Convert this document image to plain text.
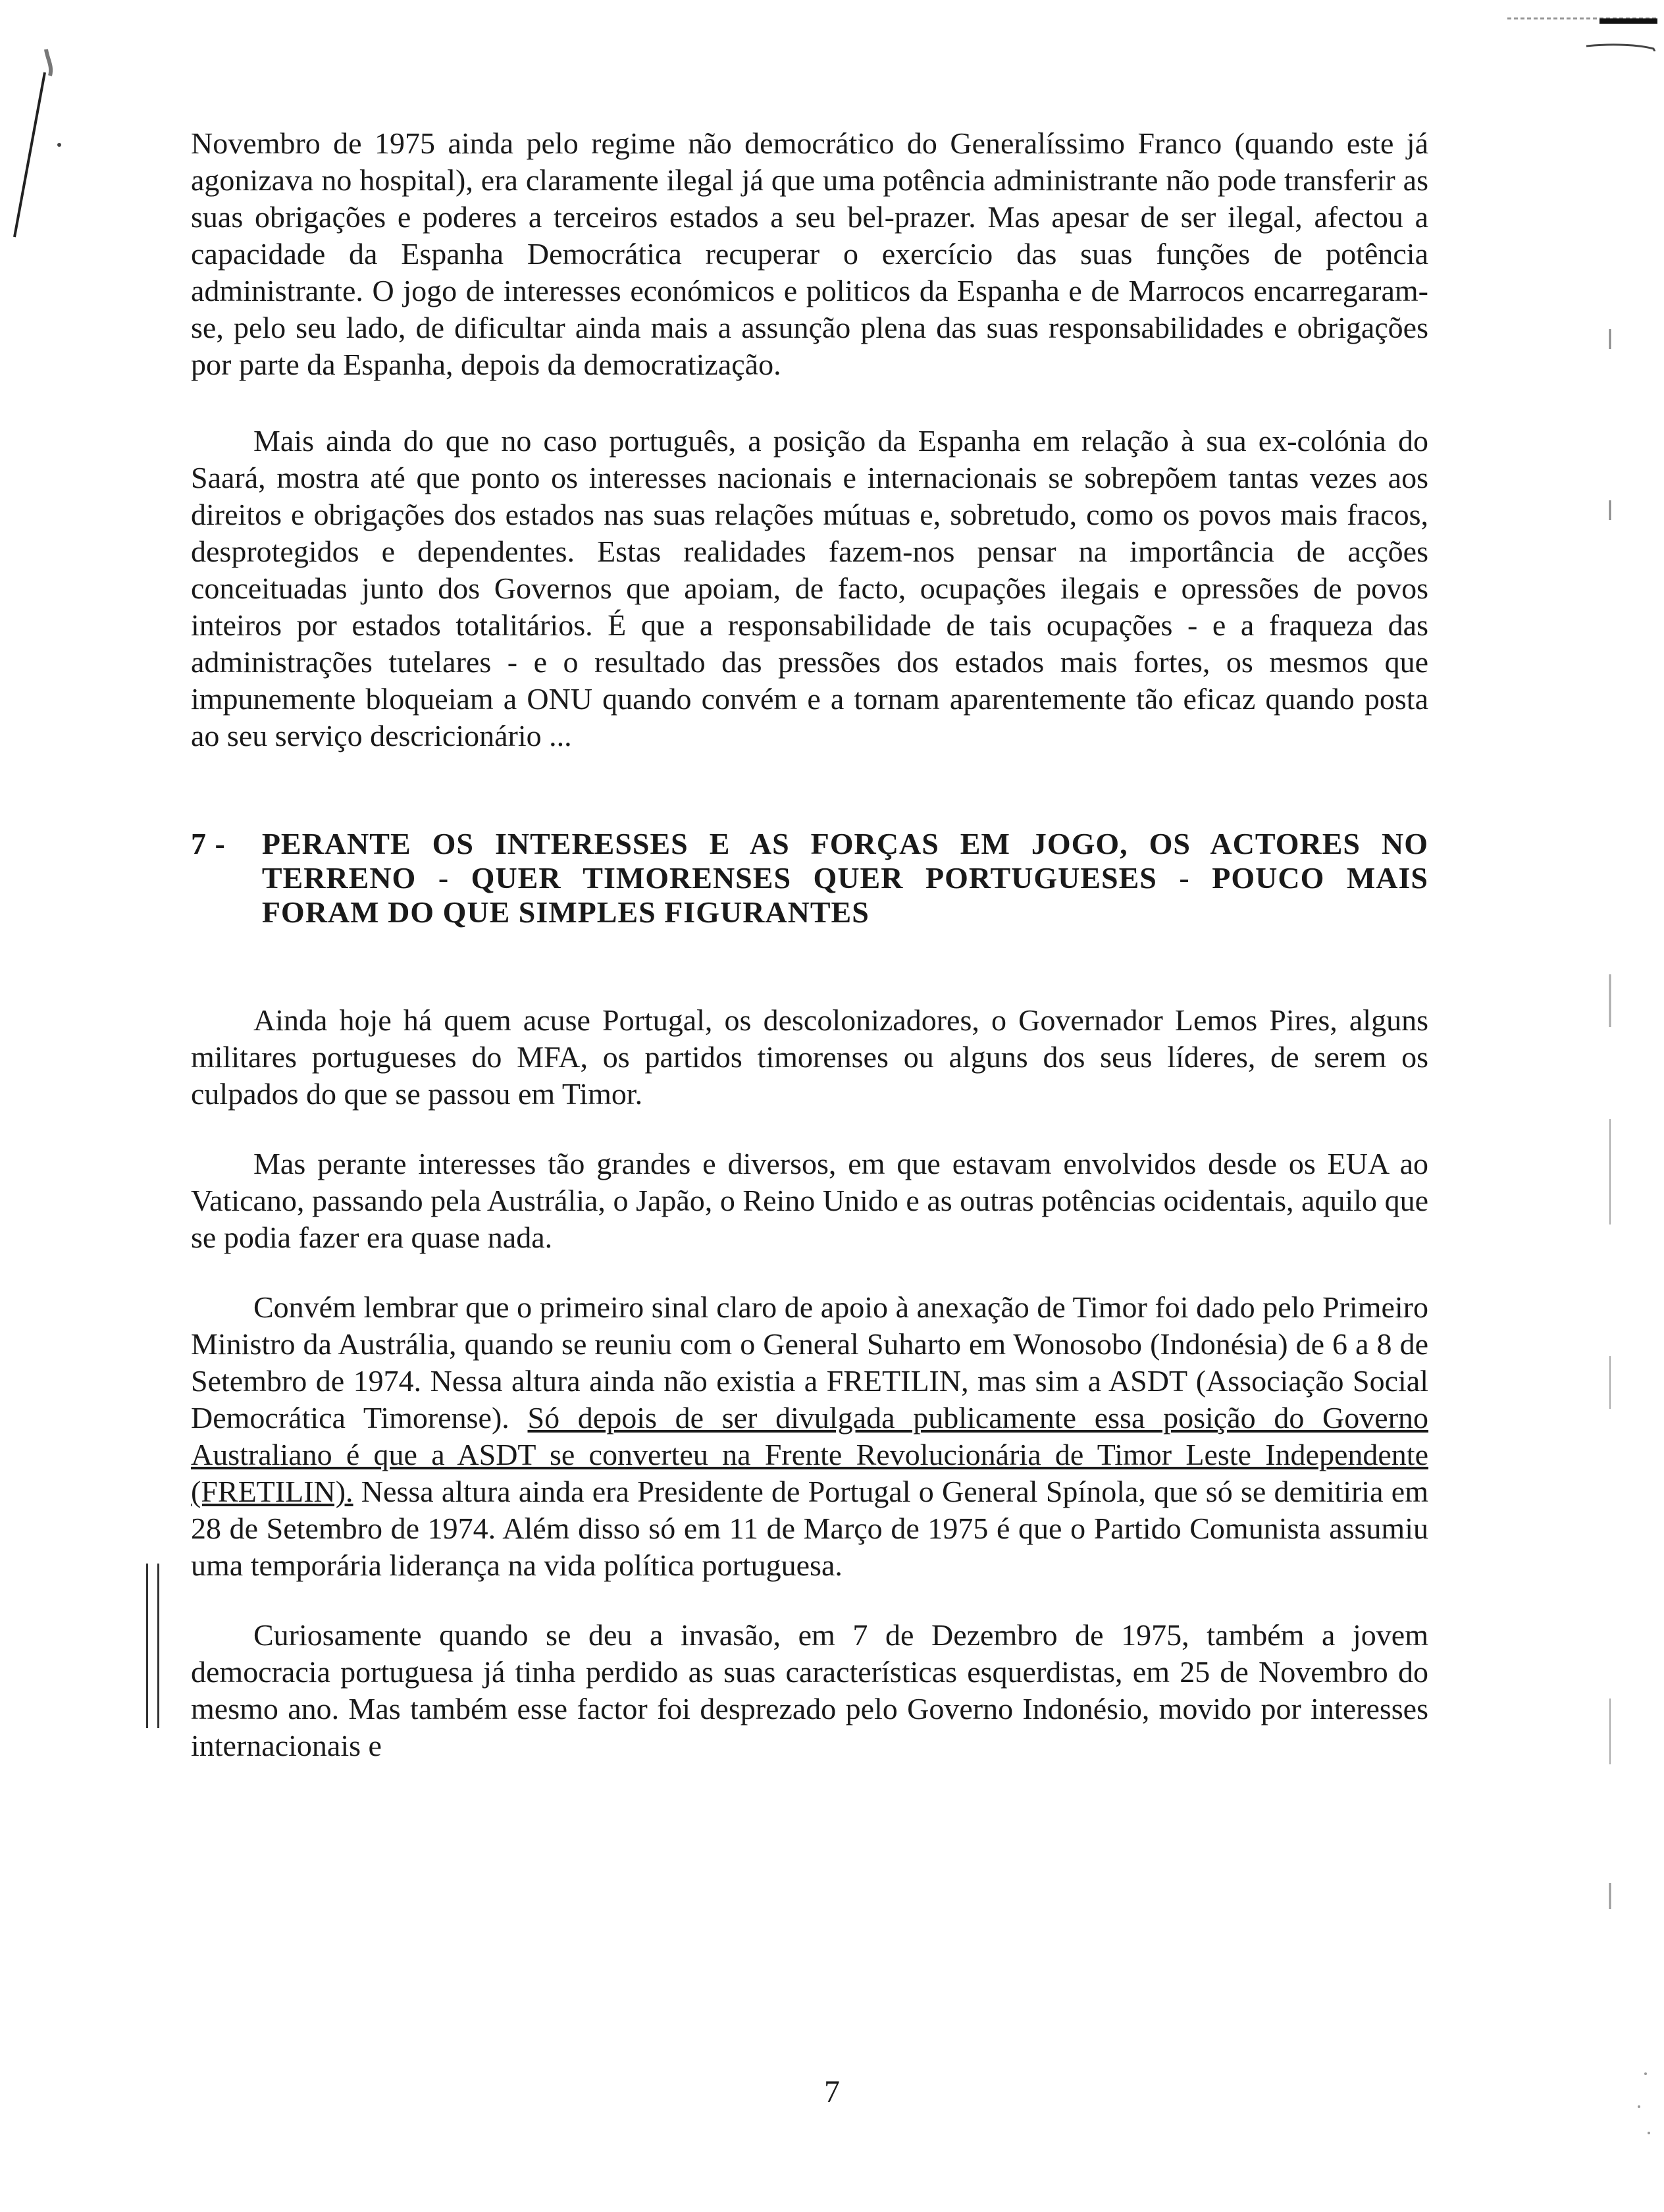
Novembro de 1975 ainda pelo regime não democrático do Generalíssimo Franco (quando este já agonizava no hospital), era claramente ilegal já que uma potência administrante não pode transferir as suas obrigações e poderes a terceiros estados a seu bel-prazer. Mas apesar de ser ilegal, afectou a capacidade da Espanha Democrática recuperar o exercício das suas funções de potência administrante. O jogo de interesses económicos e politicos da Espanha e de Marrocos encarregaram-se, pelo seu lado, de dificultar ainda mais a assunção plena das suas responsabilidades e obrigações por parte da Espanha, depois da democratização.

Mais ainda do que no caso português, a posição da Espanha em relação à sua ex-colónia do Saará, mostra até que ponto os interesses nacionais e internacionais se sobrepõem tantas vezes aos direitos e obrigações dos estados nas suas relações mútuas e, sobretudo, como os povos mais fracos, desprotegidos e dependentes. Estas realidades fazem-nos pensar na importância de acções conceituadas junto dos Governos que apoiam, de facto, ocupações ilegais e opressões de povos inteiros por estados totalitários. É que a responsabilidade de tais ocupações - e a fraqueza das administrações tutelares - e o resultado das pressões dos estados mais fortes, os mesmos que impunemente bloqueiam a ONU quando convém e a tornam aparentemente tão eficaz quando posta ao seu serviço descricionário ...

7 - PERANTE OS INTERESSES E AS FORÇAS EM JOGO, OS ACTORES NO TERRENO - QUER TIMORENSES QUER PORTUGUESES - POUCO MAIS FORAM DO QUE SIMPLES FIGURANTES

Ainda hoje há quem acuse Portugal, os descolonizadores, o Governador Lemos Pires, alguns militares portugueses do MFA, os partidos timorenses ou alguns dos seus líderes, de serem os culpados do que se passou em Timor.

Mas perante interesses tão grandes e diversos, em que estavam envolvidos desde os EUA ao Vaticano, passando pela Austrália, o Japão, o Reino Unido e as outras potências ocidentais, aquilo que se podia fazer era quase nada.

Convém lembrar que o primeiro sinal claro de apoio à anexação de Timor foi dado pelo Primeiro Ministro da Austrália, quando se reuniu com o General Suharto em Wonosobo (Indonésia) de 6 a 8 de Setembro de 1974. Nessa altura ainda não existia a FRETILIN, mas sim a ASDT (Associação Social Democrática Timorense). Só depois de ser divulgada publicamente essa posição do Governo Australiano é que a ASDT se converteu na Frente Revolucionária de Timor Leste Independente (FRETILIN). Nessa altura ainda era Presidente de Portugal o General Spínola, que só se demitiria em 28 de Setembro de 1974. Além disso só em 11 de Março de 1975 é que o Partido Comunista assumiu uma temporária liderança na vida política portuguesa.

Curiosamente quando se deu a invasão, em 7 de Dezembro de 1975, também a jovem democracia portuguesa já tinha perdido as suas características esquerdistas, em 25 de Novembro do mesmo ano. Mas também esse factor foi desprezado pelo Governo Indonésio, movido por interesses internacionais e

7
